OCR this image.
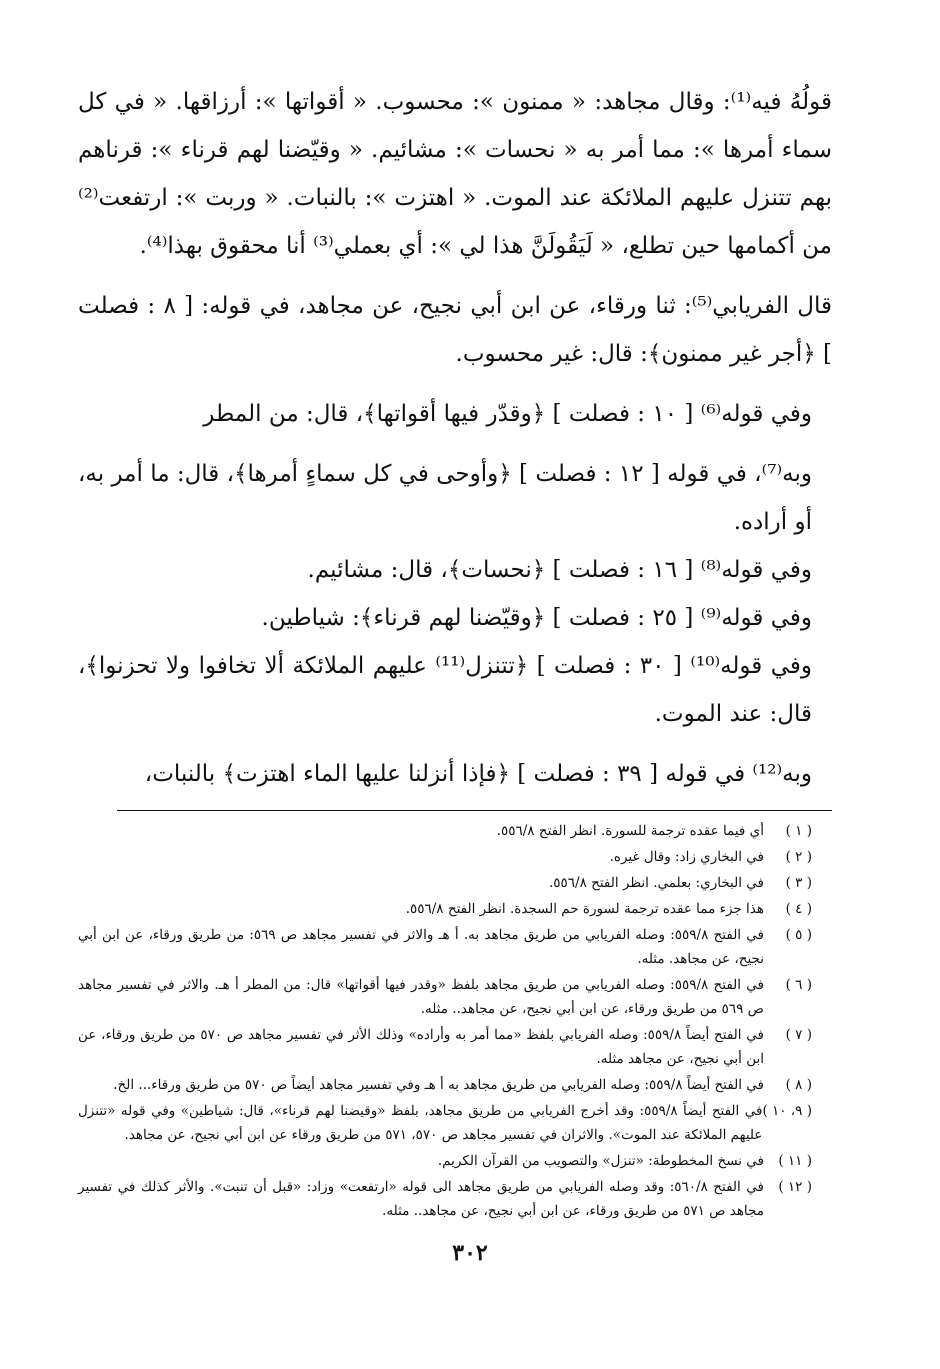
قولُهُ فيه⁽¹⁾: وقال مجاهد: « ممنون »: محسوب. « أقواتها »: أرزاقها. « في كل سماء أمرها »: مما أمر به « نحسات »: مشائيم. « وقيّضنا لهم قرناء »: قرناهم بهم تتنزل عليهم الملائكة عند الموت. « اهتزت »: بالنبات. « وربت »: ارتفعت⁽²⁾ من أكمامها حين تطلع، « لَيَقُولَنَّ هذا لي »: أي بعملي⁽³⁾ أنا محقوق بهذا⁽⁴⁾.

قال الفريابي⁽⁵⁾: ثنا ورقاء، عن ابن أبي نجيح، عن مجاهد، في قوله: [ ٨ : فصلت ] ﴿أجر غير ممنون﴾: قال: غير محسوب.

وفي قوله⁽⁶⁾ [ ١٠ : فصلت ] ﴿وقدّر فيها أقواتها﴾، قال: من المطر

وبه⁽⁷⁾، في قوله [ ١٢ : فصلت ] ﴿وأوحى في كل سماءٍ أمرها﴾، قال: ما أمر به، أو أراده.

وفي قوله⁽⁸⁾ [ ١٦ : فصلت ] ﴿نحسات﴾، قال: مشائيم.

وفي قوله⁽⁹⁾ [ ٢٥ : فصلت ] ﴿وقيّضنا لهم قرناء﴾: شياطين.

وفي قوله⁽¹⁰⁾ [ ٣٠ : فصلت ] ﴿تتنزل⁽¹¹⁾ عليهم الملائكة ألا تخافوا ولا تحزنوا﴾، قال: عند الموت.

وبه⁽¹²⁾ في قوله [ ٣٩ : فصلت ] ﴿فإذا أنزلنا عليها الماء اهتزت﴾ بالنبات،

( ١ )
أي فيما عقده ترجمة للسورة. انظر الفتح ٥٥٦/٨.
( ٢ )
في البخاري زاد: وقال غيره.
( ٣ )
في البخاري: بعلمي. انظر الفتح ٥٥٦/٨.
( ٤ )
هذا جزء مما عقده ترجمة لسورة حم السجدة. انظر الفتح ٥٥٦/٨.
( ٥ )
في الفتح ٥٥٩/٨: وصله الفريابي من طريق مجاهد به. أ هـ والاثر في تفسير مجاهد ص ٥٦٩: من طريق ورقاء، عن ابن أبي نجيح، عن مجاهد. مثله.
( ٦ )
في الفتح ٥٥٩/٨: وصله الفريابي من طريق مجاهد بلفظ «وقدر فيها أقواتها» قال: من المطر أ هـ. والاثر في تفسير مجاهد ص ٥٦٩ من طريق ورقاء، عن ابن أبي نجيح، عن مجاهد.. مثله.
( ٧ )
في الفتح أيضاً ٥٥٩/٨: وصله الفريابي بلفظ «مما أمر به وأراده» وذلك الأثر في تفسير مجاهد ص ٥٧٠ من طريق ورقاء، عن ابن أبي نجيح، عن مجاهد مثله.
( ٨ )
في الفتح أيضاً ٥٥٩/٨: وصله الفريابي من طريق مجاهد به أ هـ وفي تفسير مجاهد أيضاً ص ٥٧٠ من طريق ورقاء... الخ.
( ٩، ١٠ )
في الفتح أيضاً ٥٥٩/٨: وقد أخرج الفريابي من طريق مجاهد، بلفظ «وقيضنا لهم قرناء»، قال: شياطين» وفي قوله «تتنزل عليهم الملائكة عند الموت». والاثران في تفسير مجاهد ص ٥٧٠، ٥٧١ من طريق ورقاء عن ابن أبي نجيح، عن مجاهد.
( ١١ )
في نسخ المخطوطة: «تنزل» والتصويب من القرآن الكريم.
( ١٢ )
في الفتح ٥٦٠/٨: وقد وصله الفريابي من طريق مجاهد الى قوله «ارتفعت» وزاد: «قبل أن تنبت». والأثر كذلك في تفسير مجاهد ص ٥٧١ من طريق ورقاء، عن ابن أبي نجيح، عن مجاهد.. مثله.
٣٠٢
